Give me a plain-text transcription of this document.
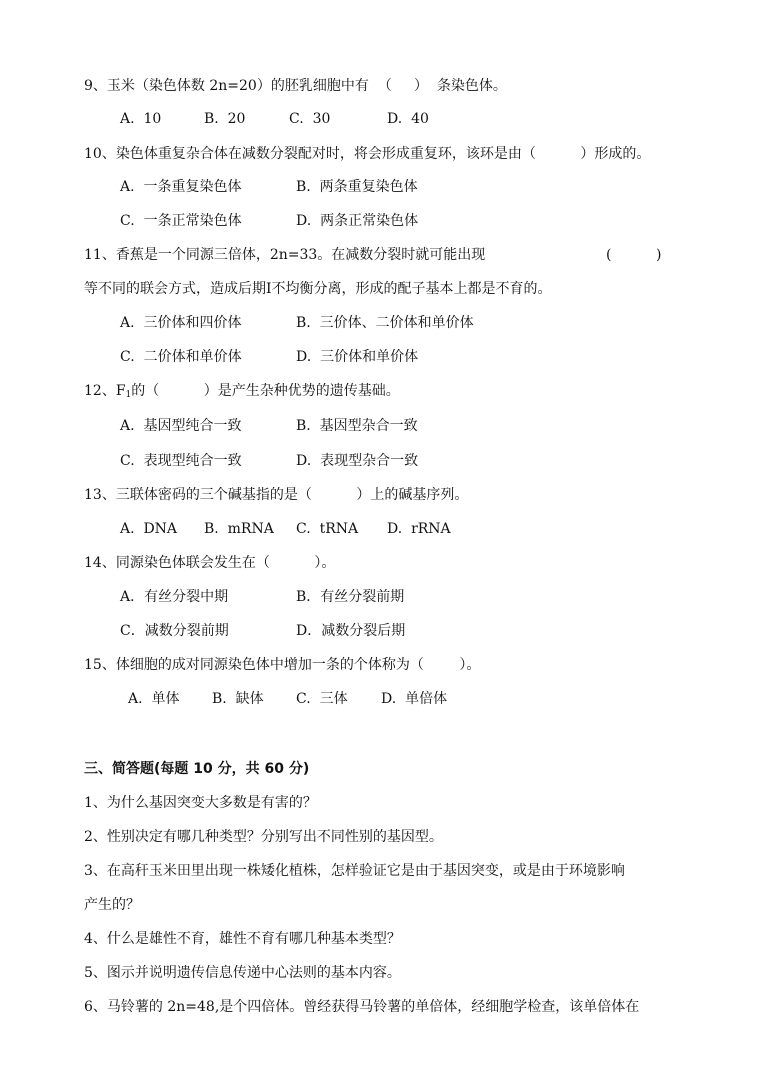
9、玉米（染色体数 2n=20）的胚乳细胞中有  （     ）  条染色体。
A.  10	B.  20	C.  30	D.  40
10、染色体重复杂合体在减数分裂配对时，将会形成重复环，该环是由（          ）形成的。
A.  一条重复染色体	B.  两条重复染色体
C.  一条正常染色体	D.  两条正常染色体
11、香蕉是一个同源三倍体，2n=33。在减数分裂时就可能出现	(          )
等不同的联会方式，造成后期Ⅰ不均衡分离，形成的配子基本上都是不育的。
A.  三价体和四价体	B.  三价体、二价体和单价体
C.  二价体和单价体	D.  三价体和单价体
12、$F_1$的（          ）是产生杂种优势的遗传基础。
A.  基因型纯合一致	B.  基因型杂合一致
C.  表现型纯合一致	D.  表现型杂合一致
13、三联体密码的三个碱基指的是（          ）上的碱基序列。
A.  DNA B.  mRNA C.  tRNA D.  rRNA
14、同源染色体联会发生在（          ）。
A．有丝分裂中期	B．有丝分裂前期
C．减数分裂前期	D．减数分裂后期
15、体细胞的成对同源染色体中增加一条的个体称为（        ）。
A.  单体 B.  缺体 C.  三体 D.  单倍体
三、简答题(每题 10 分，共 60 分)
1、为什么基因突变大多数是有害的？
2、性别决定有哪几种类型？分别写出不同性别的基因型。
3、在高秆玉米田里出现一株矮化植株，怎样验证它是由于基因突变，或是由于环境影响
产生的？
4、什么是雄性不育，雄性不育有哪几种基本类型？
5、图示并说明遗传信息传递中心法则的基本内容。
6、马铃薯的 2n=48,是个四倍体。曾经获得马铃薯的单倍体，经细胞学检查，该单倍体在
